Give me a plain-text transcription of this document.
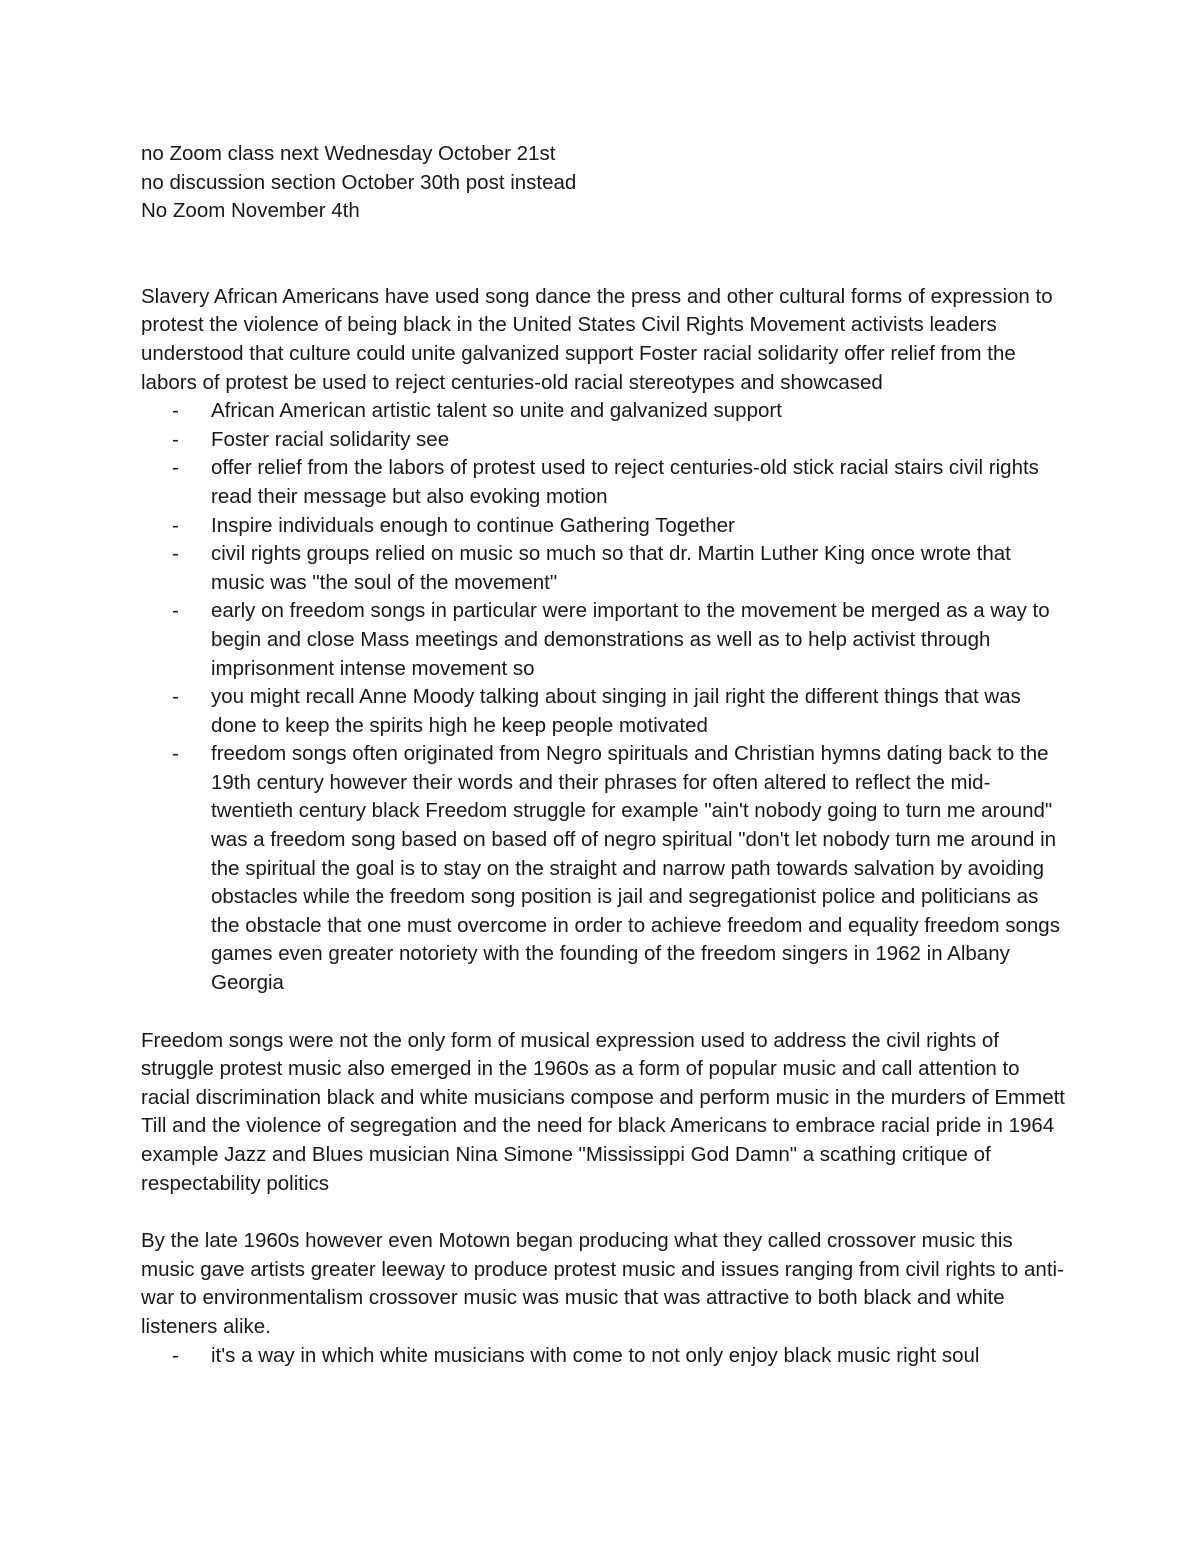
no Zoom class next Wednesday October 21st
no discussion section October 30th post instead
No Zoom November 4th

Slavery African Americans have used song dance the press and other cultural forms of expression to protest the violence of being black in the United States Civil Rights Movement activists leaders understood that culture could unite galvanized support Foster racial solidarity offer relief from the labors of protest be used to reject centuries-old racial stereotypes and showcased

- African American artistic talent so unite and galvanized support
- Foster racial solidarity see
- offer relief from the labors of protest used to reject centuries-old stick racial stairs civil rights read their message but also evoking motion
- Inspire individuals enough to continue Gathering Together
- civil rights groups relied on music so much so that dr. Martin Luther King once wrote that music was "the soul of the movement"
- early on freedom songs in particular were important to the movement be merged as a way to begin and close Mass meetings and demonstrations as well as to help activist through imprisonment intense movement so
- you might recall Anne Moody talking about singing in jail right the different things that was done to keep the spirits high he keep people motivated
- freedom songs often originated from Negro spirituals and Christian hymns dating back to the 19th century however their words and their phrases for often altered to reflect the mid-twentieth century black Freedom struggle for example "ain't nobody going to turn me around" was a freedom song based on based off of negro spiritual "don't let nobody turn me around in the spiritual the goal is to stay on the straight and narrow path towards salvation by avoiding obstacles while the freedom song position is jail and segregationist police and politicians as the obstacle that one must overcome in order to achieve freedom and equality freedom songs games even greater notoriety with the founding of the freedom singers in 1962 in Albany Georgia

Freedom songs were not the only form of musical expression used to address the civil rights of struggle protest music also emerged in the 1960s as a form of popular music and call attention to racial discrimination black and white musicians compose and perform music in the murders of Emmett Till and the violence of segregation and the need for black Americans to embrace racial pride in 1964 example Jazz and Blues musician Nina Simone "Mississippi God Damn" a scathing critique of respectability politics

By the late 1960s however even Motown began producing what they called crossover music this music gave artists greater leeway to produce protest music and issues ranging from civil rights to anti-war to environmentalism crossover music was music that was attractive to both black and white listeners alike.

- it's a way in which white musicians with come to not only enjoy black music right soul
